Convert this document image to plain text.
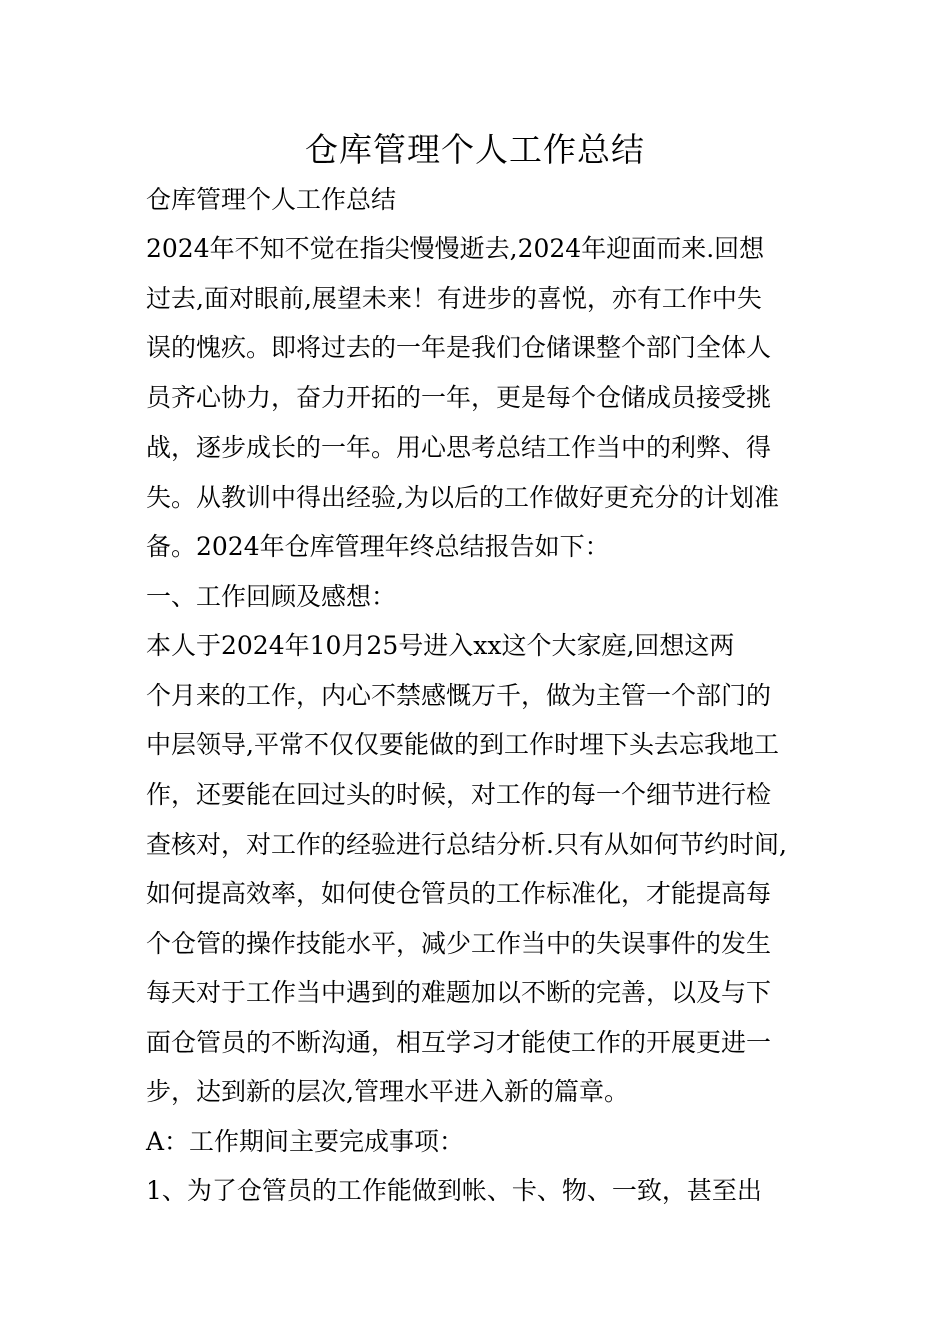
仓库管理个人工作总结
仓库管理个人工作总结
2024年不知不觉在指尖慢慢逝去,2024年迎面而来.回想
过去,面对眼前,展望未来！有进步的喜悦，亦有工作中失
误的愧疚。即将过去的一年是我们仓储课整个部门全体人
员齐心协力，奋力开拓的一年，更是每个仓储成员接受挑
战，逐步成长的一年。用心思考总结工作当中的利弊、得
失。从教训中得出经验,为以后的工作做好更充分的计划准
备。2024年仓库管理年终总结报告如下：
一、工作回顾及感想：
本人于2024年10月25号进入xx这个大家庭,回想这两
个月来的工作，内心不禁感慨万千，做为主管一个部门的
中层领导,平常不仅仅要能做的到工作时埋下头去忘我地工
作，还要能在回过头的时候，对工作的每一个细节进行检
查核对，对工作的经验进行总结分析.只有从如何节约时间,
如何提高效率，如何使仓管员的工作标准化，才能提高每
个仓管的操作技能水平，减少工作当中的失误事件的发生
每天对于工作当中遇到的难题加以不断的完善，以及与下
面仓管员的不断沟通，相互学习才能使工作的开展更进一
步，达到新的层次,管理水平进入新的篇章。
A：工作期间主要完成事项：
1、为了仓管员的工作能做到帐、卡、物、一致，甚至出
